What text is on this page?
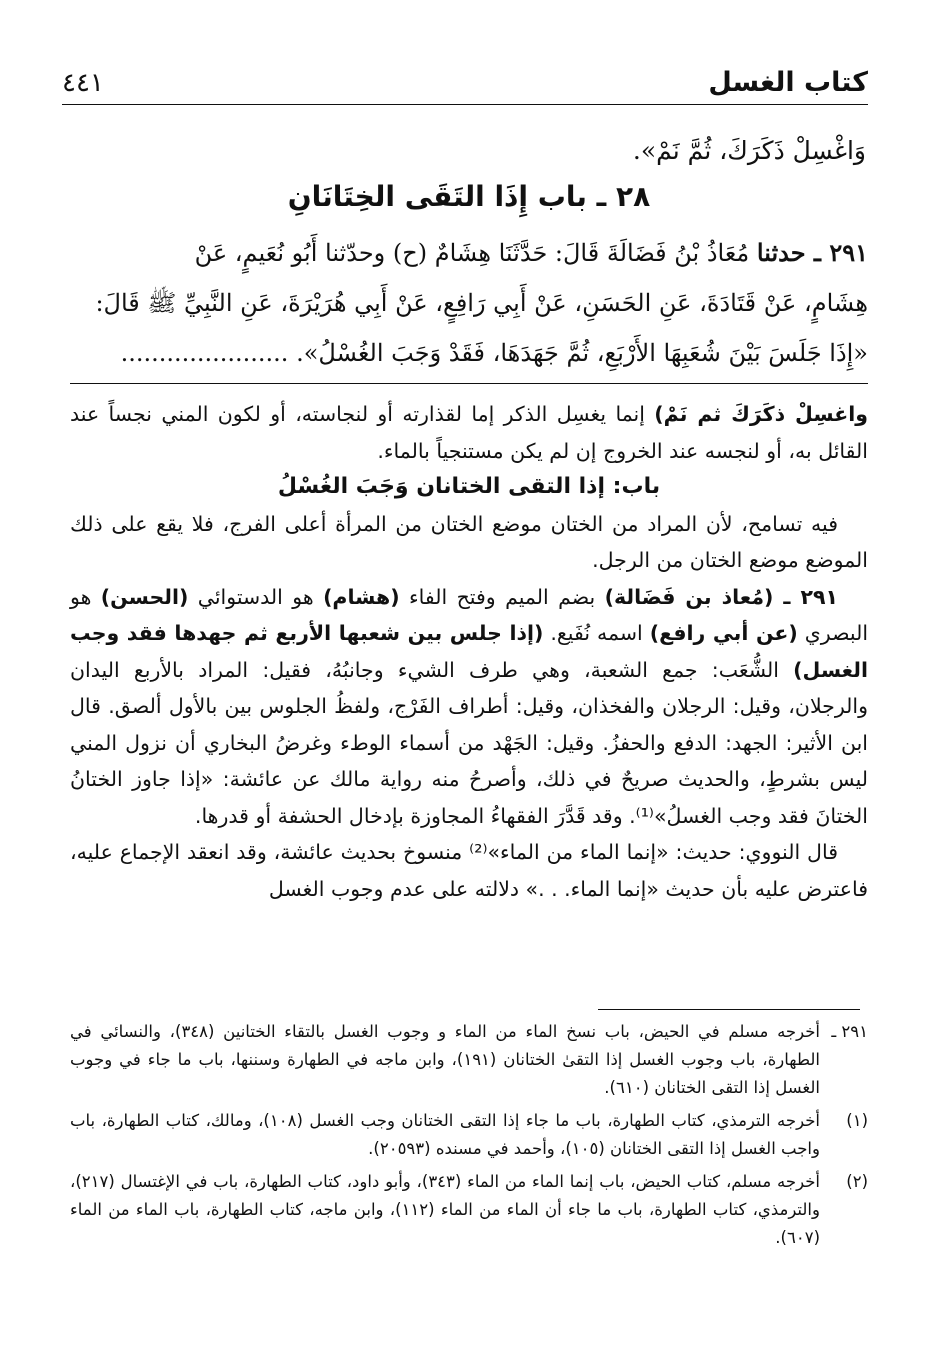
كتاب الغسل
٤٤١
وَاغْسِلْ ذَكَرَكَ، ثُمَّ نَمْ».
٢٨ ـ باب إِذَا التَقَى الخِتَانَانِ

٢٩١ ـ حدثنا مُعَاذُ بْنُ فَضَالَةَ قَالَ: حَدَّثَنَا هِشَامٌ (ح) وحدّثنا أَبُو نُعَيمٍ، عَنْ

هِشَامٍ، عَنْ قَتَادَةَ، عَنِ الحَسَنِ، عَنْ أَبِي رَافِعٍ، عَنْ أَبِي هُرَيْرَةَ، عَنِ النَّبِيِّ ﷺ قَالَ:

«إِذَا جَلَسَ بَيْنَ شُعَبِهَا الأَرْبَعِ، ثُمَّ جَهَدَهَا، فَقَدْ وَجَبَ الغُسْلُ». ......................

واغسِلْ ذكَرَكَ ثم نَمْ) إنما يغسِل الذكر إما لقذارته أو لنجاسته، أو لكون المني نجساً عند القائل به، أو لنجسه عند الخروج إن لم يكن مستنجياً بالماء.

باب: إذا التقى الختانان وَجَبَ الغُسْلُ

فيه تسامح، لأن المراد من الختان موضع الختان من المرأة أعلى الفرج، فلا يقع على ذلك الموضع موضع الختان من الرجل.

٢٩١ ـ (مُعاذ بن فَضَالة) بضم الميم وفتح الفاء (هشام) هو الدستوائي (الحسن) هو البصري (عن أبي رافع) اسمه نُفَيع. (إذا جلس بين شعبها الأربع ثم جهدها فقد وجب الغسل) الشُّعَب: جمع الشعبة، وهي طرف الشيء وجانبُهُ، فقيل: المراد بالأربع اليدان والرجلان، وقيل: الرجلان والفخذان، وقيل: أطراف الفَرْج، ولفظُ الجلوس بين بالأول ألصق. قال ابن الأثير: الجهد: الدفع والحفزُ. وقيل: الجَهْد من أسماء الوطء وغرضُ البخاري أن نزول المني ليس بشرطٍ، والحديث صريحٌ في ذلك، وأصرحُ منه رواية مالك عن عائشة: «إذا جاوز الختانُ الختانَ فقد وجب الغسلُ»⁽¹⁾. وقد قَدَّرَ الفقهاءُ المجاوزة بإدخال الحشفة أو قدرها.

قال النووي: حديث: «إنما الماء من الماء»⁽²⁾ منسوخ بحديث عائشة، وقد انعقد الإجماع عليه، فاعترض عليه بأن حديث «إنما الماء. . .» دلالته على عدم وجوب الغسل

٢٩١ ـ
أخرجه مسلم في الحيض، باب نسخ الماء من الماء و وجوب الغسل بالتقاء الختانين (٣٤٨)، والنسائي في الطهارة، باب وجوب الغسل إذا التقىٰ الختانان (١٩١)، وابن ماجه في الطهارة وسننها، باب ما جاء في وجوب الغسل إذا التقى الختانان (٦١٠).
(١)
أخرجه الترمذي، كتاب الطهارة، باب ما جاء إذا التقى الختانان وجب الغسل (١٠٨)، ومالك، كتاب الطهارة، باب واجب الغسل إذا التقى الختانان (١٠٥)، وأحمد في مسنده (٢٠٥٩٣).
(٢)
أخرجه مسلم، كتاب الحيض، باب إنما الماء من الماء (٣٤٣)، وأبو داود، كتاب الطهارة، باب في الإغتسال (٢١٧)، والترمذي، كتاب الطهارة، باب ما جاء أن الماء من الماء (١١٢)، وابن ماجه، كتاب الطهارة، باب الماء من الماء (٦٠٧).
